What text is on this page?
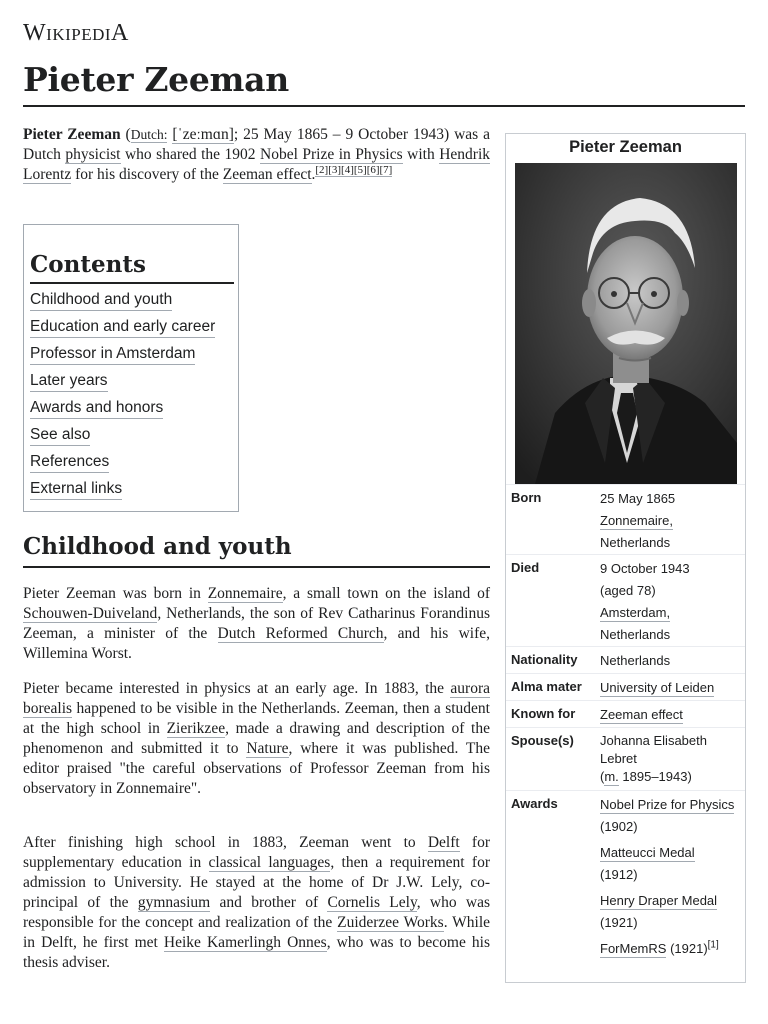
WIKIPEDIA
Pieter Zeeman

Pieter Zeeman (Dutch: [ˈzeːmɑn]; 25 May 1865 – 9 October 1943) was a Dutch physicist who shared the 1902 Nobel Prize in Physics with Hendrik Lorentz for his discovery of the Zeeman effect.[2][3][4][5][6][7]

Contents
Childhood and youth
Education and early career
Professor in Amsterdam
Later years
Awards and honors
See also
References
External links
Childhood and youth

Pieter Zeeman was born in Zonnemaire, a small town on the island of Schouwen-Duiveland, Netherlands, the son of Rev Catharinus Forandinus Zeeman, a minister of the Dutch Reformed Church, and his wife, Willemina Worst.

Pieter became interested in physics at an early age. In 1883, the aurora borealis happened to be visible in the Netherlands. Zeeman, then a student at the high school in Zierikzee, made a drawing and description of the phenomenon and submitted it to Nature, where it was published. The editor praised "the careful observations of Professor Zeeman from his observatory in Zonnemaire".

After finishing high school in 1883, Zeeman went to Delft for supplementary education in classical languages, then a requirement for admission to University. He stayed at the home of Dr J.W. Lely, co-principal of the gymnasium and brother of Cornelis Lely, who was responsible for the concept and realization of the Zuiderzee Works. While in Delft, he first met Heike Kamerlingh Onnes, who was to become his thesis adviser.

Pieter Zeeman
Born	25 May 1865
Zonnemaire,
Netherlands
Died	9 October 1943
(aged 78)
Amsterdam,
Netherlands
Nationality Netherlands
Alma mater University of Leiden
Known for Zeeman effect
Spouse(s) Johanna Elisabeth Lebret
(m. 1895–1943)
Awards	Nobel Prize for Physics (1902)
Matteucci Medal
(1912)
Henry Draper Medal
(1921)
ForMemRS (1921)[1]
